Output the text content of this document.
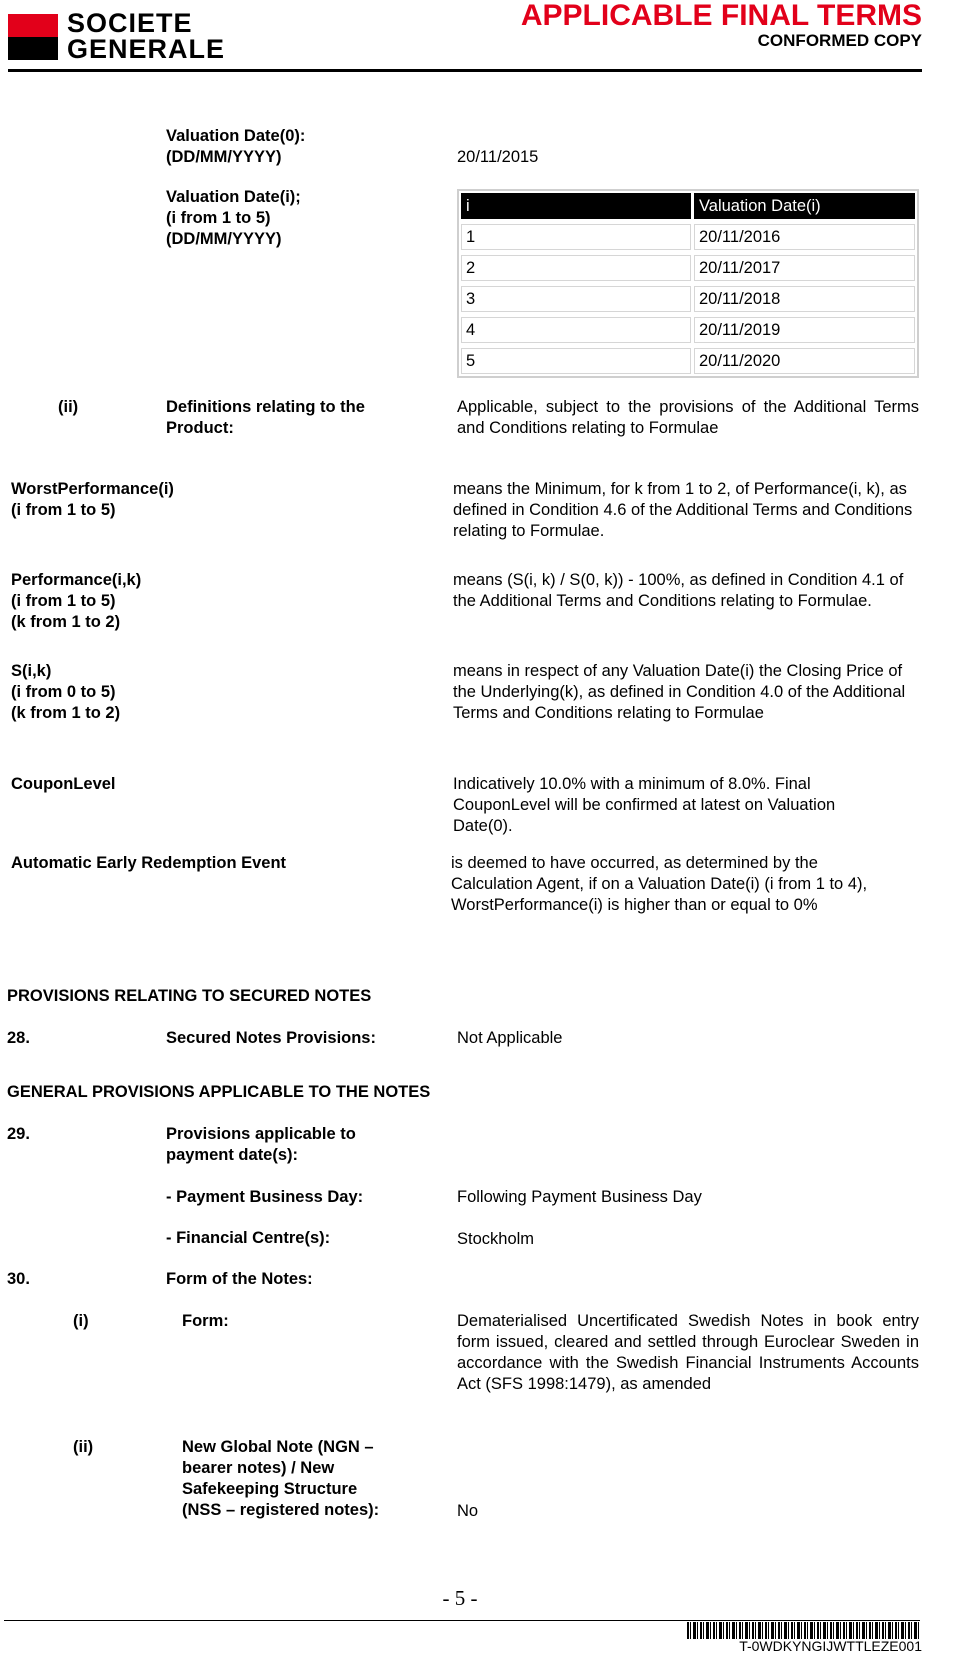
SOCIETE
GENERALE
APPLICABLE FINAL TERMS
CONFORMED COPY
Valuation Date(0):
(DD/MM/YYYY)	20/11/2015
Valuation Date(i);
(i from 1 to 5)
(DD/MM/YYYY)
i	Valuation Date(i)
1	20/11/2016
2	20/11/2017
3	20/11/2018
4	20/11/2019
5	20/11/2020
(ii)	Definitions relating to the
Product:
Applicable, subject to the provisions of the Additional Terms and Conditions relating to Formulae
WorstPerformance(i)
(i from 1 to 5)
means the Minimum, for k from 1 to 2, of Performance(i, k), as defined in Condition 4.6 of the Additional Terms and Conditions relating to Formulae.
Performance(i,k)
(i from 1 to 5)
(k from 1 to 2)
means (S(i, k) / S(0, k)) - 100%, as defined in Condition 4.1 of the Additional Terms and Conditions relating to Formulae.
S(i,k)
(i from 0 to 5)
(k from 1 to 2)
means in respect of any Valuation Date(i) the Closing Price of the Underlying(k), as defined in Condition 4.0 of the Additional Terms and Conditions relating to Formulae
CouponLevel	Indicatively 10.0% with a minimum of 8.0%. Final CouponLevel will be confirmed at latest on Valuation Date(0).
Automatic Early Redemption Event	is deemed to have occurred, as determined by the Calculation Agent, if on a Valuation Date(i) (i from 1 to 4), WorstPerformance(i) is higher than or equal to 0%
PROVISIONS RELATING TO SECURED NOTES
28.	Secured Notes Provisions:	Not Applicable
GENERAL PROVISIONS APPLICABLE TO THE NOTES
29.	Provisions applicable to
payment date(s):
- Payment Business Day:	Following Payment Business Day
- Financial Centre(s):	Stockholm
30.	Form of the Notes:
(i)	Form:	Dematerialised Uncertificated Swedish Notes in book entry form issued, cleared and settled through Euroclear Sweden in accordance with the Swedish Financial Instruments Accounts Act (SFS 1998:1479), as amended
(ii)	New Global Note (NGN –
bearer notes) / New
Safekeeping Structure
(NSS – registered notes):	No
- 5 -
T-0WDKYNGIJWTTLEZE001
